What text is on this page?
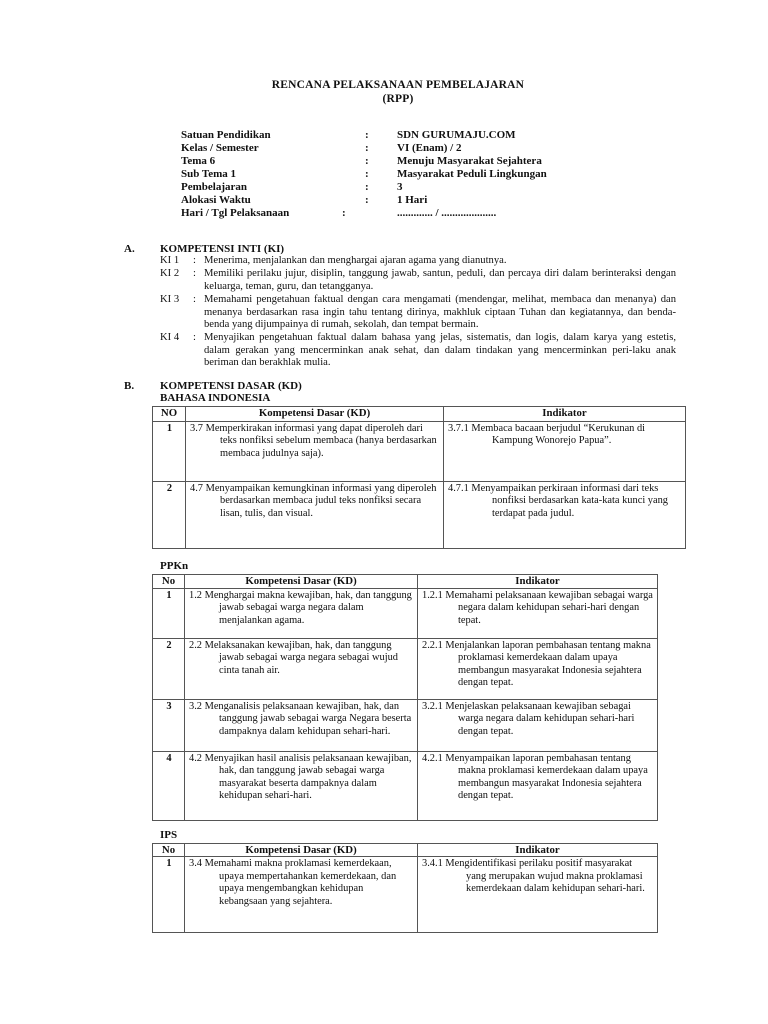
RENCANA PELAKSANAAN PEMBELAJARAN
(RPP)
Satuan Pendidikan	:	SDN GURUMAJU.COM
Kelas / Semester	:	VI (Enam) / 2
Tema 6	:	Menuju Masyarakat Sejahtera
Sub Tema 1	:	Masyarakat Peduli Lingkungan
Pembelajaran	:	3
Alokasi Waktu	:	1 Hari
Hari / Tgl Pelaksanaan	:	............. / ....................
A. KOMPETENSI INTI (KI)
KI 1 : Menerima, menjalankan dan menghargai ajaran agama yang dianutnya.
KI 2 : Memiliki perilaku jujur, disiplin, tanggung jawab, santun, peduli, dan percaya diri dalam berinteraksi dengan keluarga, teman, guru, dan tetangganya.
KI 3 : Memahami pengetahuan faktual dengan cara mengamati (mendengar, melihat, membaca dan menanya) dan menanya berdasarkan rasa ingin tahu tentang dirinya, makhluk ciptaan Tuhan dan kegiatannya, dan benda-benda yang dijumpainya di rumah, sekolah, dan tempat bermain.
KI 4 : Menyajikan pengetahuan faktual dalam bahasa yang jelas, sistematis, dan logis, dalam karya yang estetis, dalam gerakan yang mencerminkan anak sehat, dan dalam tindakan yang mencerminkan peri-laku anak beriman dan berakhlak mulia.
B. KOMPETENSI DASAR (KD)
BAHASA INDONESIA
NO	Kompetensi Dasar (KD)	Indikator
1	3.7 Memperkirakan informasi yang dapat diperoleh dari teks nonfiksi sebelum membaca (hanya berdasarkan membaca judulnya saja).	3.7.1 Membaca bacaan berjudul “Kerukunan di Kampung Wonorejo Papua”.
2	4.7 Menyampaikan kemungkinan informasi yang diperoleh berdasarkan membaca judul teks nonfiksi secara lisan, tulis, dan visual.	4.7.1 Menyampaikan perkiraan informasi dari teks nonfiksi berdasarkan kata-kata kunci yang terdapat pada judul.
PPKn
No	Kompetensi Dasar (KD)	Indikator
1	1.2 Menghargai makna kewajiban, hak, dan tanggung jawab sebagai warga negara dalam menjalankan agama.	1.2.1 Memahami pelaksanaan kewajiban sebagai warga negara dalam kehidupan sehari-hari dengan tepat.
2	2.2 Melaksanakan kewajiban, hak, dan tanggung jawab sebagai warga negara sebagai wujud cinta tanah air.	2.2.1 Menjalankan laporan pembahasan tentang makna proklamasi kemerdekaan dalam upaya membangun masyarakat Indonesia sejahtera dengan tepat.
3	3.2 Menganalisis pelaksanaan kewajiban, hak, dan tanggung jawab sebagai warga Negara beserta dampaknya dalam kehidupan sehari-hari.	3.2.1 Menjelaskan pelaksanaan kewajiban sebagai warga negara dalam kehidupan sehari-hari dengan tepat.
4	4.2 Menyajikan hasil analisis pelaksanaan kewajiban, hak, dan tanggung jawab sebagai warga masyarakat beserta dampaknya dalam kehidupan sehari-hari.	4.2.1 Menyampaikan laporan pembahasan tentang makna proklamasi kemerdekaan dalam upaya membangun masyarakat Indonesia sejahtera dengan tepat.
IPS
No	Kompetensi Dasar (KD)	Indikator
1	3.4 Memahami makna proklamasi kemerdekaan, upaya mempertahankan kemerdekaan, dan upaya mengembangkan kehidupan kebangsaan yang sejahtera.	3.4.1 Mengidentifikasi perilaku positif masyarakat yang merupakan wujud makna proklamasi kemerdekaan dalam kehidupan sehari-hari.
